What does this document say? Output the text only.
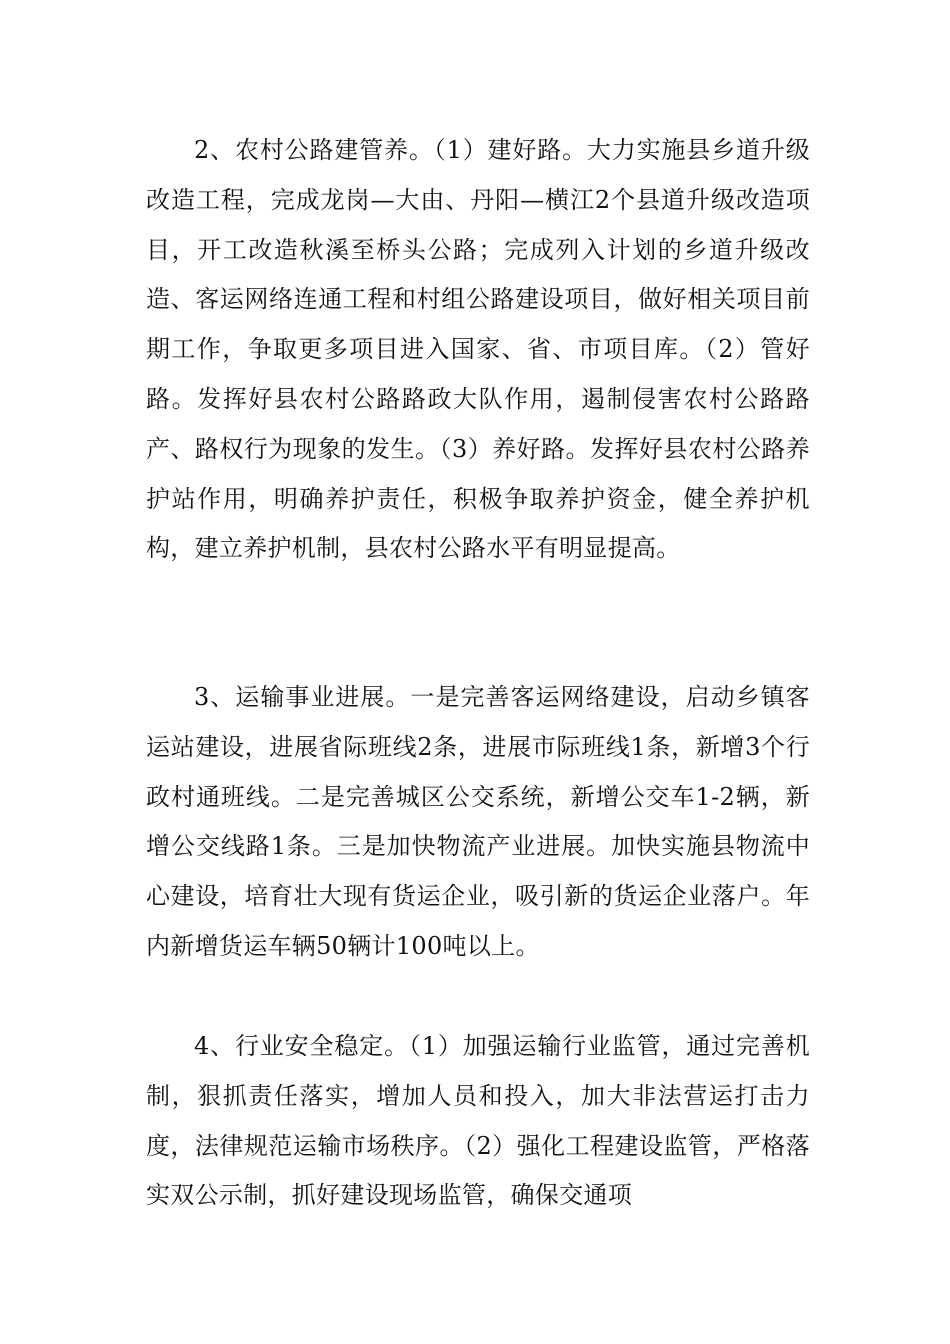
2、农村公路建管养。（1）建好路。大力实施县乡道升级改造工程，完成龙岗—大由、丹阳—横江2个县道升级改造项目，开工改造秋溪至桥头公路；完成列入计划的乡道升级改造、客运网络连通工程和村组公路建设项目，做好相关项目前期工作，争取更多项目进入国家、省、市项目库。（2）管好路。发挥好县农村公路路政大队作用，遏制侵害农村公路路产、路权行为现象的发生。（3）养好路。发挥好县农村公路养护站作用，明确养护责任，积极争取养护资金，健全养护机构，建立养护机制，县农村公路水平有明显提高。

3、运输事业进展。一是完善客运网络建设，启动乡镇客运站建设，进展省际班线2条，进展市际班线1条，新增3个行政村通班线。二是完善城区公交系统，新增公交车1-2辆，新增公交线路1条。三是加快物流产业进展。加快实施县物流中心建设，培育壮大现有货运企业，吸引新的货运企业落户。年内新增货运车辆50辆计100吨以上。

4、行业安全稳定。（1）加强运输行业监管，通过完善机制，狠抓责任落实，增加人员和投入，加大非法营运打击力度，法律规范运输市场秩序。（2）强化工程建设监管，严格落实双公示制，抓好建设现场监管，确保交通项
